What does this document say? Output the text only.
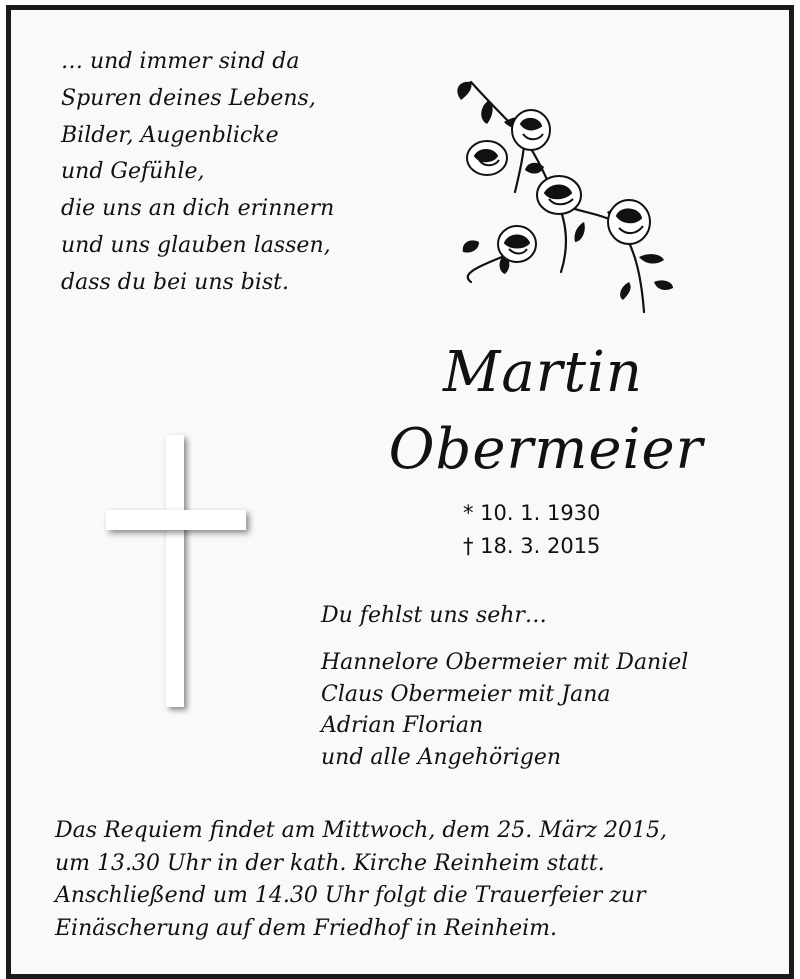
… und immer sind da
Spuren deines Lebens,
Bilder, Augenblicke
und Gefühle,
die uns an dich erinnern
und uns glauben lassen,
dass du bei uns bist.
Martin
Obermeier
* 10. 1. 1930
† 18. 3. 2015
Du fehlst uns sehr…
Hannelore Obermeier mit Daniel
Claus Obermeier mit Jana
Adrian Florian
und alle Angehörigen
Das Requiem findet am Mittwoch, dem 25. März 2015,
um 13.30 Uhr in der kath. Kirche Reinheim statt.
Anschließend um 14.30 Uhr folgt die Trauerfeier zur
Einäscherung auf dem Friedhof in Reinheim.
